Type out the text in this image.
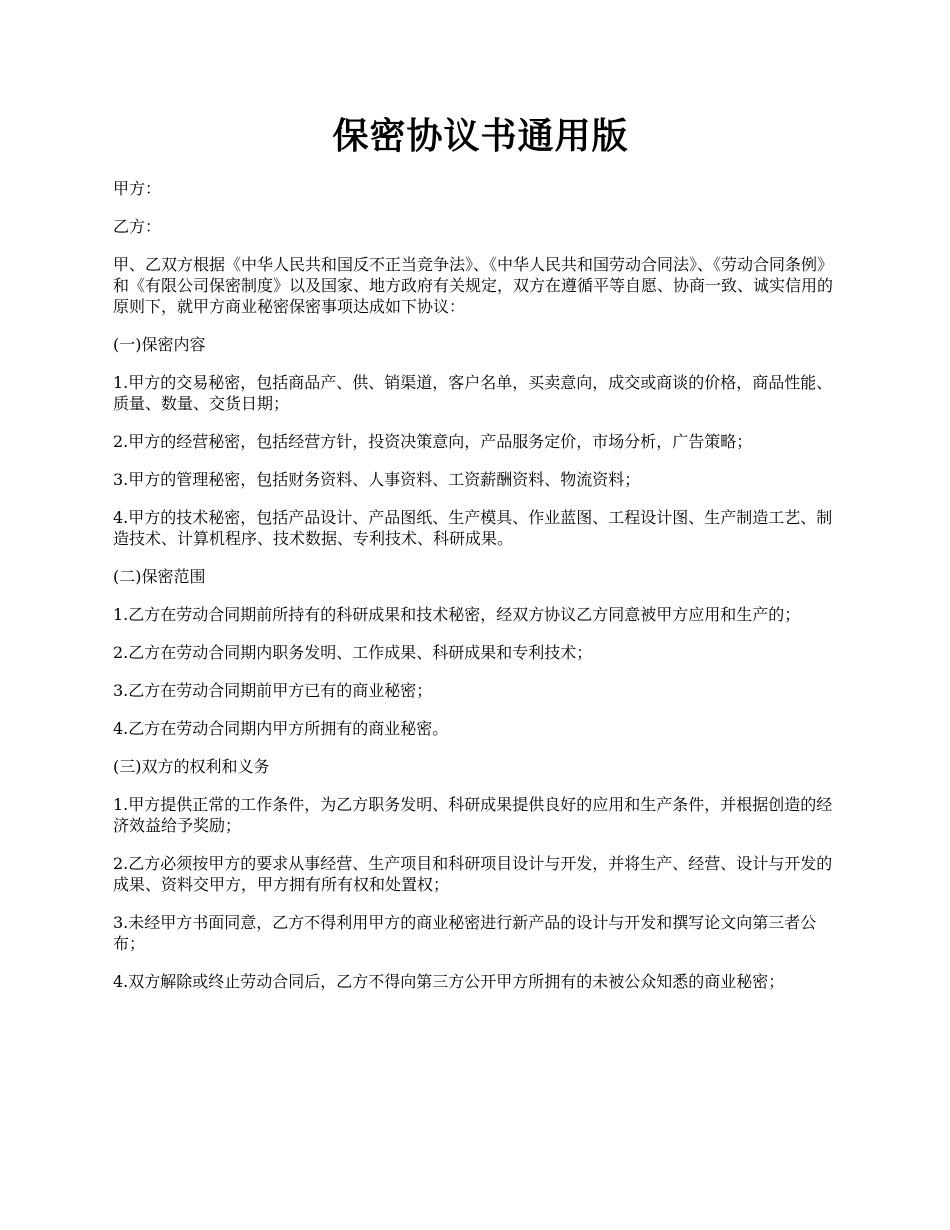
保密协议书通用版

甲方：

乙方：

甲、乙双方根据《中华人民共和国反不正当竞争法》、《中华人民共和国劳动合同法》、《劳动合同条例》和《有限公司保密制度》以及国家、地方政府有关规定，双方在遵循平等自愿、协商一致、诚实信用的原则下，就甲方商业秘密保密事项达成如下协议：

(一)保密内容

1.甲方的交易秘密，包括商品产、供、销渠道，客户名单，买卖意向，成交或商谈的价格，商品性能、质量、数量、交货日期；

2.甲方的经营秘密，包括经营方针，投资决策意向，产品服务定价，市场分析，广告策略；

3.甲方的管理秘密，包括财务资料、人事资料、工资薪酬资料、物流资料；

4.甲方的技术秘密，包括产品设计、产品图纸、生产模具、作业蓝图、工程设计图、生产制造工艺、制造技术、计算机程序、技术数据、专利技术、科研成果。

(二)保密范围

1.乙方在劳动合同期前所持有的科研成果和技术秘密，经双方协议乙方同意被甲方应用和生产的；

2.乙方在劳动合同期内职务发明、工作成果、科研成果和专利技术；

3.乙方在劳动合同期前甲方已有的商业秘密；

4.乙方在劳动合同期内甲方所拥有的商业秘密。

(三)双方的权利和义务

1.甲方提供正常的工作条件，为乙方职务发明、科研成果提供良好的应用和生产条件，并根据创造的经济效益给予奖励；

2.乙方必须按甲方的要求从事经营、生产项目和科研项目设计与开发，并将生产、经营、设计与开发的成果、资料交甲方，甲方拥有所有权和处置权；

3.未经甲方书面同意，乙方不得利用甲方的商业秘密进行新产品的设计与开发和撰写论文向第三者公布；

4.双方解除或终止劳动合同后，乙方不得向第三方公开甲方所拥有的未被公众知悉的商业秘密；
